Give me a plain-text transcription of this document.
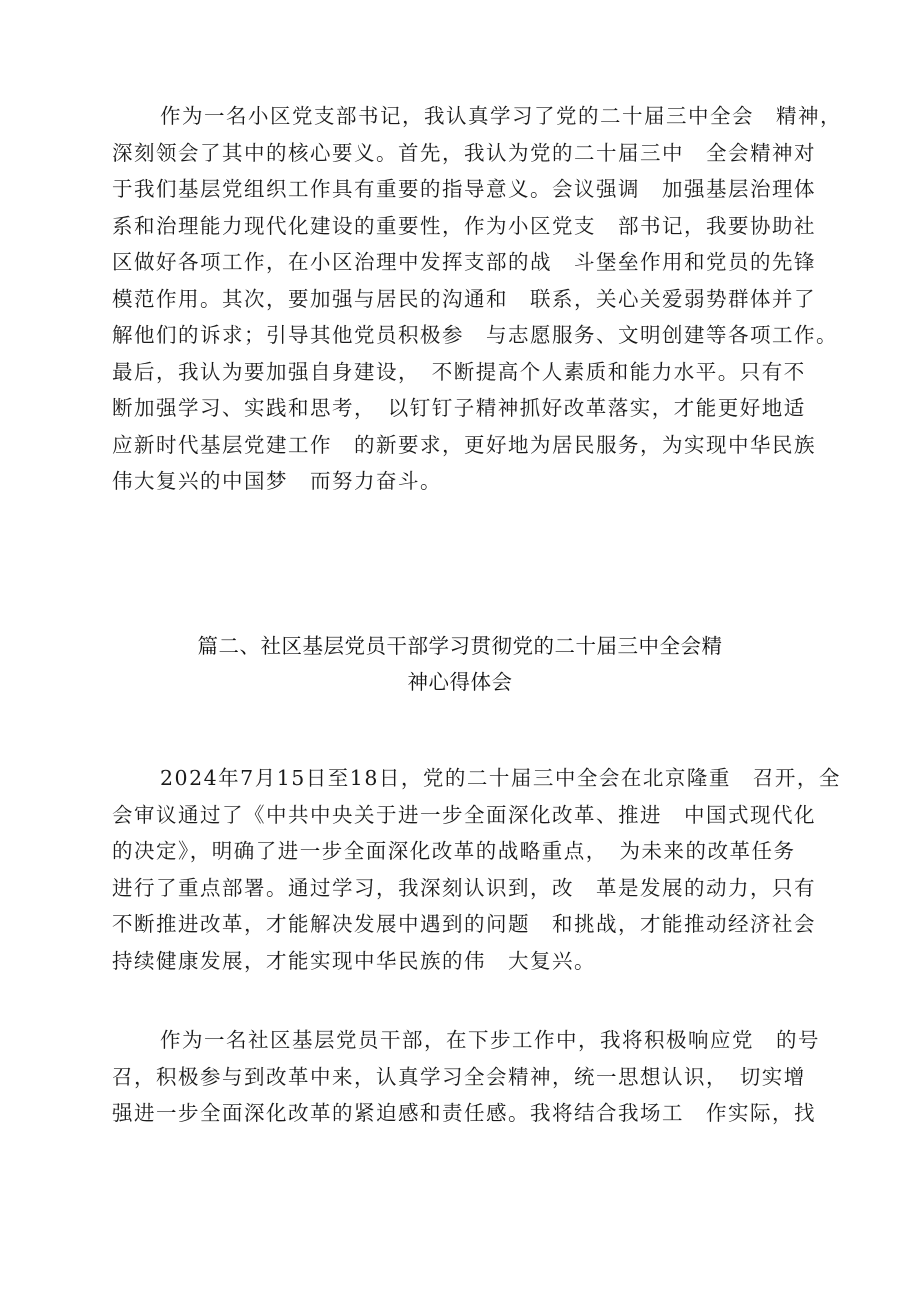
作为一名小区党支部书记，我认真学习了党的二十届三中全会　精神，
深刻领会了其中的核心要义。首先，我认为党的二十届三中　全会精神对
于我们基层党组织工作具有重要的指导意义。会议强调　加强基层治理体
系和治理能力现代化建设的重要性，作为小区党支　部书记，我要协助社
区做好各项工作，在小区治理中发挥支部的战　斗堡垒作用和党员的先锋
模范作用。其次，要加强与居民的沟通和　联系，关心关爱弱势群体并了
解他们的诉求；引导其他党员积极参　与志愿服务、文明创建等各项工作。
最后，我认为要加强自身建设，　不断提高个人素质和能力水平。只有不
断加强学习、实践和思考，　以钉钉子精神抓好改革落实，才能更好地适
应新时代基层党建工作　的新要求，更好地为居民服务，为实现中华民族
伟大复兴的中国梦　而努力奋斗。
篇二、社区基层党员干部学习贯彻党的二十届三中全会精
神心得体会
2024年7月15日至18日，党的二十届三中全会在北京隆重　召开，全
会审议通过了《中共中央关于进一步全面深化改革、推进　中国式现代化
的决定》，明确了进一步全面深化改革的战略重点，　为未来的改革任务
进行了重点部署。通过学习，我深刻认识到，改　革是发展的动力，只有
不断推进改革，才能解决发展中遇到的问题　和挑战，才能推动经济社会
持续健康发展，才能实现中华民族的伟　大复兴。
作为一名社区基层党员干部，在下步工作中，我将积极响应党　的号
召，积极参与到改革中来，认真学习全会精神，统一思想认识，　切实增
强进一步全面深化改革的紧迫感和责任感。我将结合我场工　作实际，找
